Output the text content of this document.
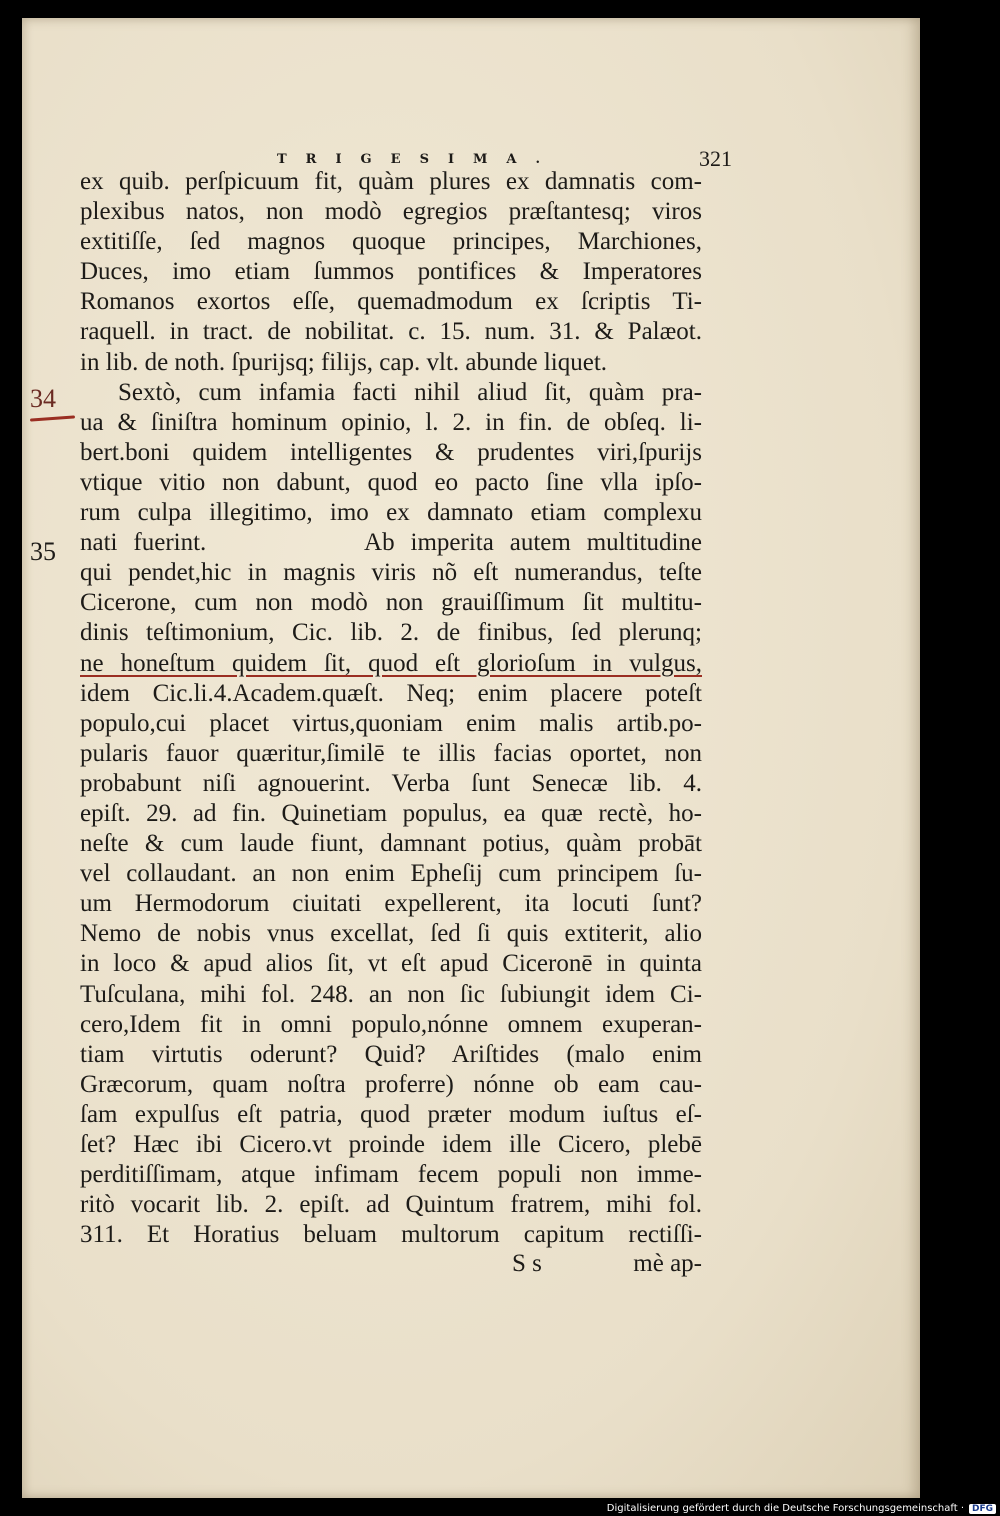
TRIGESIMA.	321
34
35
ex quib. perſpicuum fit, quàm plures ex damnatis com-
plexibus natos, non modò egregios præſtantesq; viros
extitiſſe, ſed magnos quoque principes, Marchiones,
Duces, imo etiam ſummos pontifices & Imperatores
Romanos exortos eſſe, quemadmodum ex ſcriptis Ti-
raquell. in tract. de nobilitat. c. 15. num. 31. & Palæot.
in lib. de noth. ſpurijsq; filijs, cap. vlt. abunde liquet.
Sextò, cum infamia facti nihil aliud ſit, quàm pra-
ua & ſiniſtra hominum opinio, l. 2. in fin. de obſeq. li-
bert.boni quidem intelligentes & prudentes viri,ſpurijs
vtique vitio non dabunt, quod eo pacto ſine vlla ipſo-
rum culpa illegitimo, imo ex damnato etiam complexu
nati fuerint.          Ab imperita autem multitudine
qui pendet,hic in magnis viris nõ eſt numerandus, teſte
Cicerone, cum non modò non grauiſſimum ſit multitu-
dinis teſtimonium, Cic. lib. 2. de finibus, ſed plerunq;
ne honeſtum quidem ſit, quod eſt glorioſum in vulgus,
idem Cic.li.4.Academ.quæſt. Neq; enim placere poteſt
populo,cui placet virtus,quoniam enim malis artib.po-
pularis fauor quæritur,ſimilē te illis facias oportet, non
probabunt niſi agnouerint. Verba ſunt Senecæ lib. 4.
epiſt. 29. ad fin. Quinetiam populus, ea quæ rectè, ho-
neſte & cum laude fiunt, damnant potius, quàm probāt
vel collaudant. an non enim Epheſij cum principem ſu-
um Hermodorum ciuitati expellerent, ita locuti ſunt?
Nemo de nobis vnus excellat, ſed ſi quis extiterit, alio
in loco & apud alios ſit, vt eſt apud Ciceronē in quinta
Tuſculana, mihi fol. 248. an non ſic ſubiungit idem Ci-
cero,Idem fit in omni populo,nónne omnem exuperan-
tiam virtutis oderunt? Quid? Ariſtides (malo enim
Græcorum, quam noſtra proferre) nónne ob eam cau-
ſam expulſus eſt patria, quod præter modum iuſtus eſ-
ſet? Hæc ibi Cicero.vt proinde idem ille Cicero, plebē
perditiſſimam, atque infimam fecem populi non imme-
ritò vocarit lib. 2. epiſt. ad Quintum fratrem, mihi fol.
311. Et Horatius beluam multorum capitum rectiſſi-
S s	mè ap-
Digitalisierung gefördert durch die Deutsche Forschungsgemeinschaft · DFG
